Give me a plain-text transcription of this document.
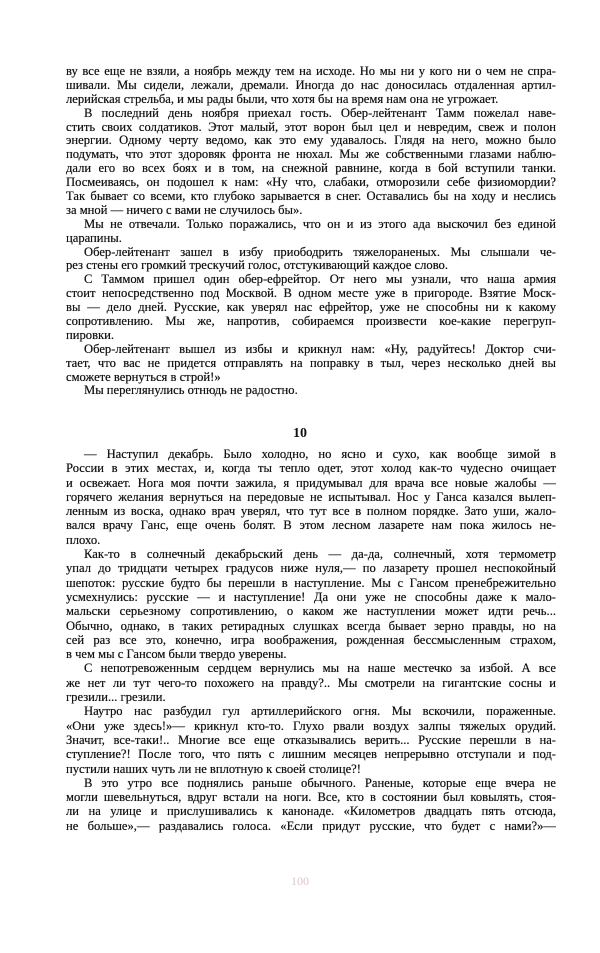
ву все еще не взяли, а ноябрь между тем на исходе. Но мы ни у кого ни о чем не спра-
шивали. Мы сидели, лежали, дремали. Иногда до нас доносилась отдаленная артил-
лерийская стрельба, и мы рады были, что хотя бы на время нам она не угрожает.
В последний день ноября приехал гость. Обер-лейтенант Тамм пожелал наве-
стить своих солдатиков. Этот малый, этот ворон был цел и невредим, свеж и полон
энергии. Одному черту ведомо, как это ему удавалось. Глядя на него, можно было
подумать, что этот здоровяк фронта не нюхал. Мы же собственными глазами наблю-
дали его во всех боях и в том, на снежной равнине, когда в бой вступили танки.
Посмеиваясь, он подошел к нам: «Ну что, слабаки, отморозили себе физиомордии?
Так бывает со всеми, кто глубоко зарывается в снег. Оставались бы на ходу и неслись
за мной — ничего с вами не случилось бы».
Мы не отвечали. Только поражались, что он и из этого ада выскочил без единой
царапины.
Обер-лейтенант зашел в избу приободрить тяжелораненых. Мы слышали че-
рез стены его громкий трескучий голос, отстукивающий каждое слово.
С Таммом пришел один обер-ефрейтор. От него мы узнали, что наша армия
стоит непосредственно под Москвой. В одном месте уже в пригороде. Взятие Моск-
вы — дело дней. Русские, как уверял нас ефрейтор, уже не способны ни к какому
сопротивлению. Мы же, напротив, собираемся произвести кое-какие перегруп-
пировки.
Обер-лейтенант вышел из избы и крикнул нам: «Ну, радуйтесь! Доктор счи-
тает, что вас не придется отправлять на поправку в тыл, через несколько дней вы
сможете вернуться в строй!»
Мы переглянулись отнюдь не радостно.
10
— Наступил декабрь. Было холодно, но ясно и сухо, как вообще зимой в
России в этих местах, и, когда ты тепло одет, этот холод как-то чудесно очищает
и освежает. Нога моя почти зажила, я придумывал для врача все новые жалобы —
горячего желания вернуться на передовые не испытывал. Нос у Ганса казался вылеп-
ленным из воска, однако врач уверял, что тут все в полном порядке. Зато уши, жало-
вался врачу Ганс, еще очень болят. В этом лесном лазарете нам пока жилось не-
плохо.
Как-то в солнечный декабрьский день — да-да, солнечный, хотя термометр
упал до тридцати четырех градусов ниже нуля,— по лазарету прошел неспокойный
шепоток: русские будто бы перешли в наступление. Мы с Гансом пренебрежительно
усмехнулись: русские — и наступление! Да они уже не способны даже к мало-
мальски серьезному сопротивлению, о каком же наступлении может идти речь...
Обычно, однако, в таких ретирадных слушках всегда бывает зерно правды, но на
сей раз все это, конечно, игра воображения, рожденная бессмысленным страхом,
в чем мы с Гансом были твердо уверены.
С непотревоженным сердцем вернулись мы на наше местечко за избой. А все
же нет ли тут чего-то похожего на правду?.. Мы смотрели на гигантские сосны и
грезили... грезили.
Наутро нас разбудил гул артиллерийского огня. Мы вскочили, пораженные.
«Они уже здесь!»— крикнул кто-то. Глухо рвали воздух залпы тяжелых орудий.
Значит, все-таки!.. Многие все еще отказывались верить... Русские перешли в на-
ступление?! После того, что пять с лишним месяцев непрерывно отступали и под-
пустили наших чуть ли не вплотную к своей столице?!
В это утро все поднялись раньше обычного. Раненые, которые еще вчера не
могли шевельнуться, вдруг встали на ноги. Все, кто в состоянии был ковылять, стоя-
ли на улице и прислушивались к канонаде. «Километров двадцать пять отсюда,
не больше»,— раздавались голоса. «Если придут русские, что будет с нами?»—
100
